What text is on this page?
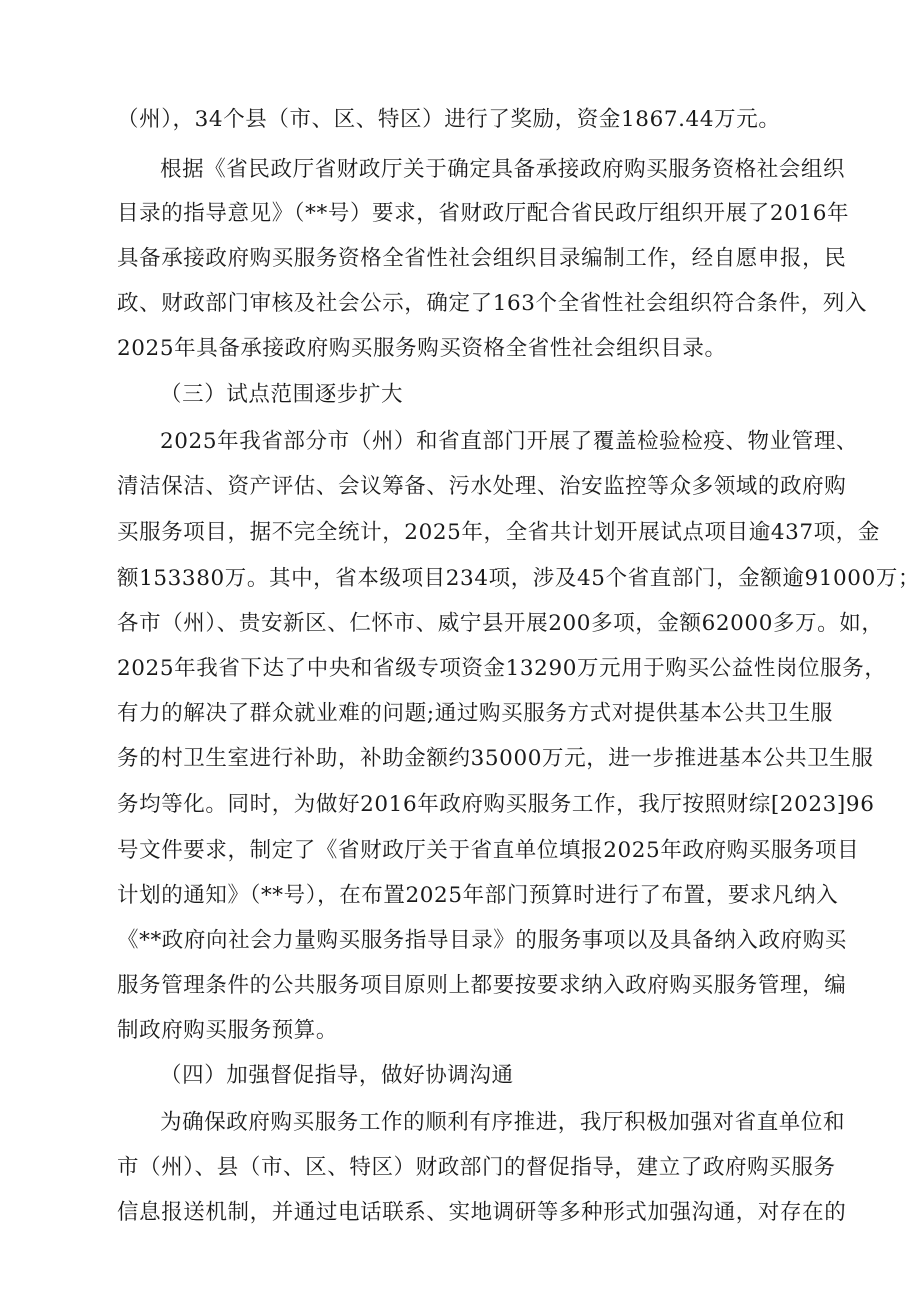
（州），34个县（市、区、特区）进行了奖励，资金1867.44万元。
根据《省民政厅省财政厅关于确定具备承接政府购买服务资格社会组织
目录的指导意见》（**号）要求，省财政厅配合省民政厅组织开展了2016年
具备承接政府购买服务资格全省性社会组织目录编制工作，经自愿申报，民
政、财政部门审核及社会公示，确定了163个全省性社会组织符合条件，列入
2025年具备承接政府购买服务购买资格全省性社会组织目录。
（三）试点范围逐步扩大
2025年我省部分市（州）和省直部门开展了覆盖检验检疫、物业管理、
清洁保洁、资产评估、会议筹备、污水处理、治安监控等众多领域的政府购
买服务项目，据不完全统计，2025年，全省共计划开展试点项目逾437项，金
额153380万。其中，省本级项目234项，涉及45个省直部门，金额逾91000万；
各市（州）、贵安新区、仁怀市、威宁县开展200多项，金额62000多万。如，
2025年我省下达了中央和省级专项资金13290万元用于购买公益性岗位服务，
有力的解决了群众就业难的问题;通过购买服务方式对提供基本公共卫生服
务的村卫生室进行补助，补助金额约35000万元，进一步推进基本公共卫生服
务均等化。同时，为做好2016年政府购买服务工作，我厅按照财综[2023]96
号文件要求，制定了《省财政厅关于省直单位填报2025年政府购买服务项目
计划的通知》（**号），在布置2025年部门预算时进行了布置，要求凡纳入
《**政府向社会力量购买服务指导目录》的服务事项以及具备纳入政府购买
服务管理条件的公共服务项目原则上都要按要求纳入政府购买服务管理，编
制政府购买服务预算。
（四）加强督促指导，做好协调沟通
为确保政府购买服务工作的顺利有序推进，我厅积极加强对省直单位和
市（州）、县（市、区、特区）财政部门的督促指导，建立了政府购买服务
信息报送机制，并通过电话联系、实地调研等多种形式加强沟通，对存在的
